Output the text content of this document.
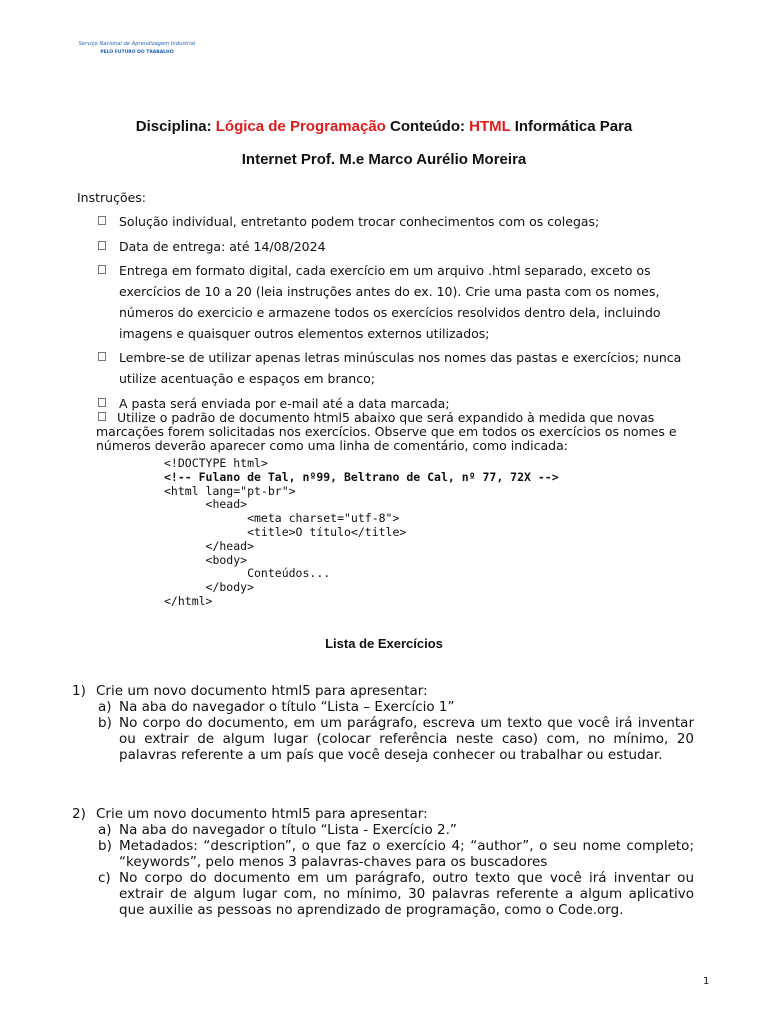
Serviço Nacional de Aprendizagem Industrial
PELO FUTURO DO TRABALHO
Disciplina: Lógica de Programação Conteúdo: HTML Informática Para
Internet Prof. M.e Marco Aurélio Moreira
Instruções:
Solução individual, entretanto podem trocar conhecimentos com os colegas;
Data de entrega: até 14/08/2024
Entrega em formato digital, cada exercício em um arquivo .html separado, exceto os exercícios de 10 a 20 (leia instruções antes do ex. 10). Crie uma pasta com os nomes, números do exercicio e armazene todos os exercícios resolvidos dentro dela, incluindo imagens e quaisquer outros elementos externos utilizados;
Lembre-se de utilizar apenas letras minúsculas nos nomes das pastas e exercícios; nunca utilize acentuação e espaços em branco;
A pasta será enviada por e-mail até a data marcada;
Utilize o padrão de documento html5 abaixo que será expandido à medida que novas marcações forem solicitadas nos exercícios. Observe que em todos os exercícios os nomes e números deverão aparecer como uma linha de comentário, como indicada:
<!DOCTYPE html>
<!-- Fulano de Tal, nº99, Beltrano de Cal, nº 77, 72X -->
<html lang="pt-br">
<head>
<meta charset="utf-8">
<title>O título</title>
</head>
<body>
Conteúdos...
</body>
</html>
Lista de Exercícios
1) Crie um novo documento html5 para apresentar:
a) Na aba do navegador o título “Lista – Exercício 1”
b) No corpo do documento, em um parágrafo, escreva um texto que você irá inventar ou extrair de algum lugar (colocar referência neste caso) com, no mínimo, 20 palavras referente a um país que você deseja conhecer ou trabalhar ou estudar.
2) Crie um novo documento html5 para apresentar:
a) Na aba do navegador o título “Lista - Exercício 2.”
b) Metadados: “description”, o que faz o exercício 4; “author”, o seu nome completo; “keywords”, pelo menos 3 palavras-chaves para os buscadores
c) No corpo do documento em um parágrafo, outro texto que você irá inventar ou extrair de algum lugar com, no mínimo, 30 palavras referente a algum aplicativo que auxilie as pessoas no aprendizado de programação, como o Code.org.
1
